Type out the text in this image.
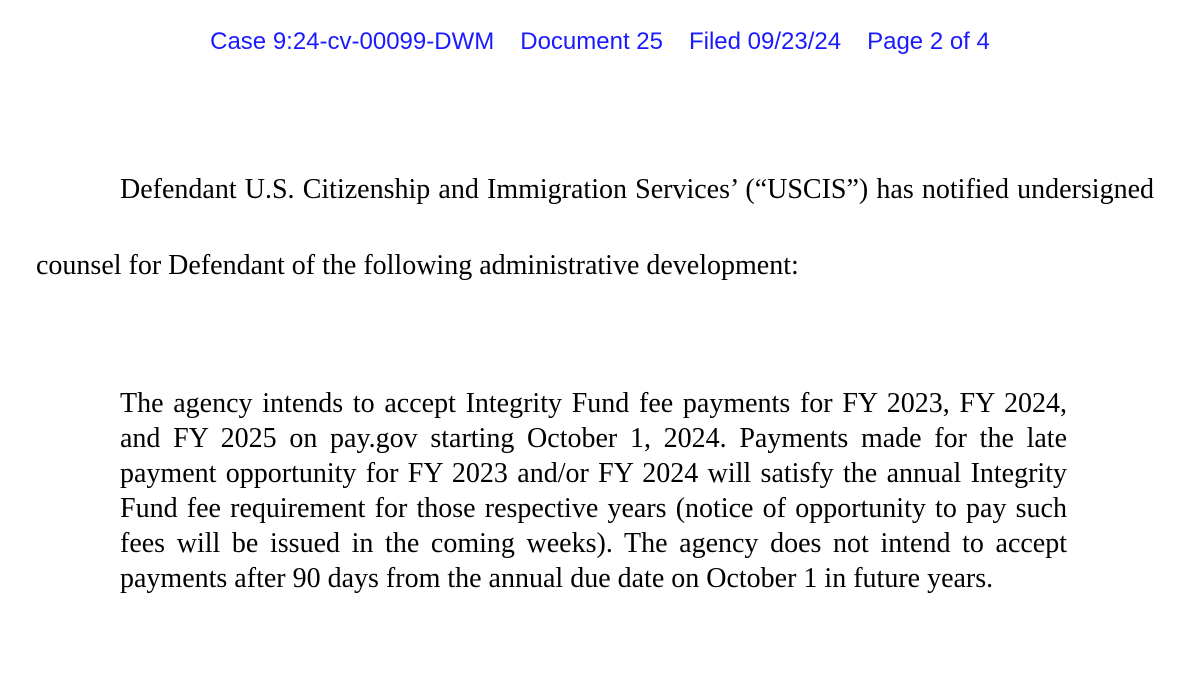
Case 9:24-cv-00099-DWM Document 25 Filed 09/23/24 Page 2 of 4

Defendant U.S. Citizenship and Immigration Services’ (“USCIS”) has notified undersigned counsel for Defendant of the following administrative development:

The agency intends to accept Integrity Fund fee payments for FY 2023, FY 2024, and FY 2025 on pay.gov starting October 1, 2024. Payments made for the late payment opportunity for FY 2023 and/or FY 2024 will satisfy the annual Integrity Fund fee requirement for those respective years (notice of opportunity to pay such fees will be issued in the coming weeks). The agency does not intend to accept payments after 90 days from the annual due date on October 1 in future years.
